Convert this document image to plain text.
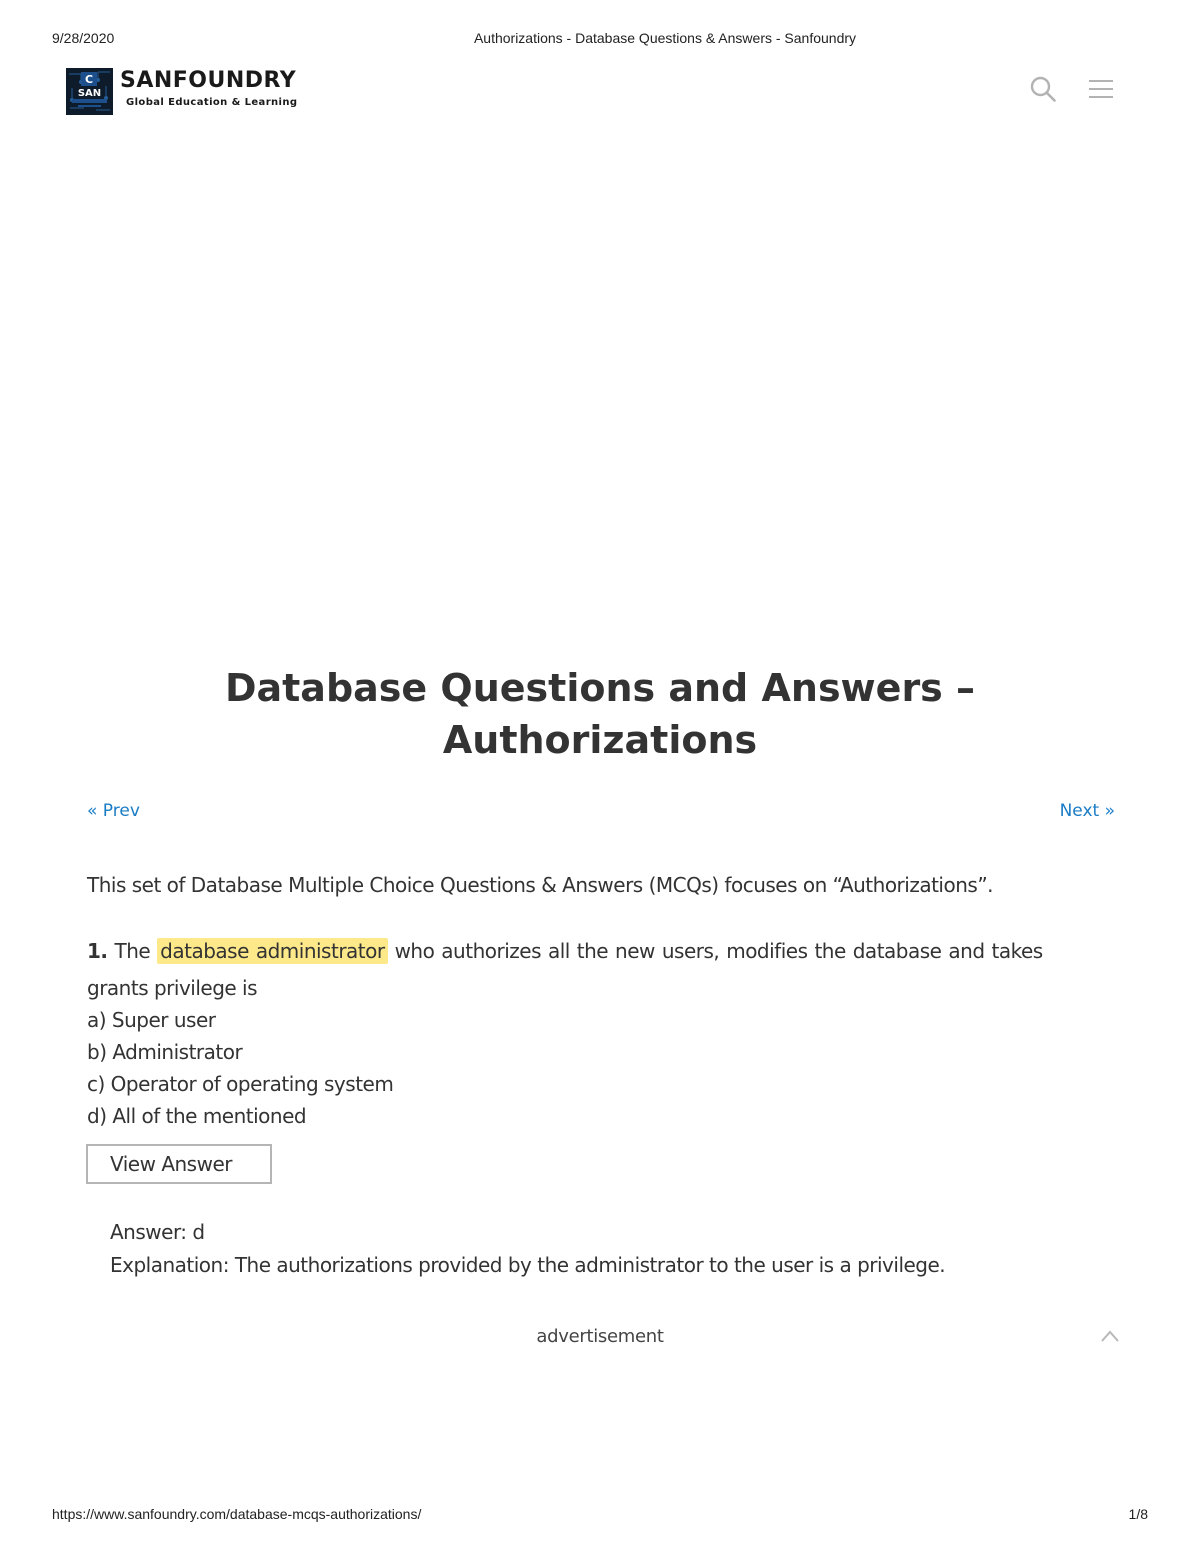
9/28/2020	Authorizations - Database Questions & Answers - Sanfoundry
C
SAN
SANFOUNDRY
Global Education & Learning
Database Questions and Answers –
Authorizations
« Prev	Next »
This set of Database Multiple Choice Questions & Answers (MCQs) focuses on “Authorizations”.
1. The database administrator who authorizes all the new users, modifies the database and takes
grants privilege is
a) Super user
b) Administrator
c) Operator of operating system
d) All of the mentioned
View Answer
Answer: d
Explanation: The authorizations provided by the administrator to the user is a privilege.
advertisement
https://www.sanfoundry.com/database-mcqs-authorizations/	1/8
